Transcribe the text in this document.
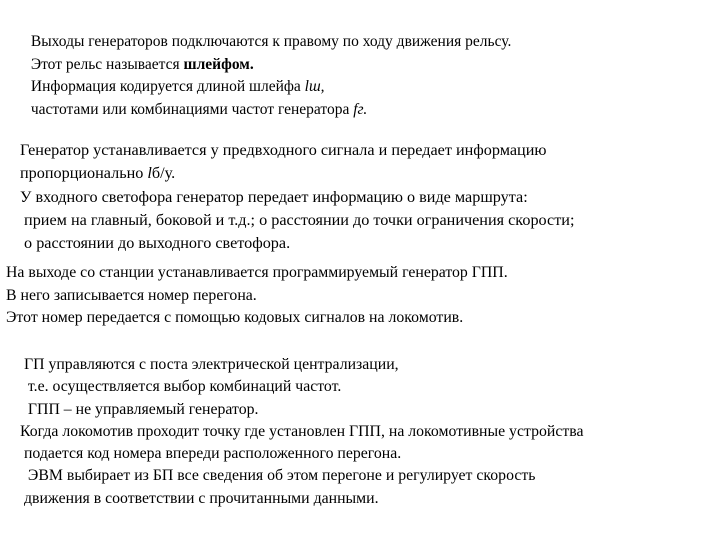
Выходы генераторов подключаются к правому по ходу движения рельсу.
Этот рельс называется шлейфом.
Информация кодируется длиной шлейфа lш,
частотами или комбинациями частот генератора fг.
Генератор устанавливается у предвходного сигнала и передает информацию
пропорционально lб/у.
У входного светофора генератор передает информацию о виде маршрута:
прием на главный, боковой и т.д.; о расстоянии до точки ограничения скорости;
о расстоянии до выходного светофора.
На выходе со станции устанавливается программируемый генератор ГПП.
В него записывается номер перегона.
Этот номер передается с помощью кодовых сигналов на локомотив.
ГП управляются с поста электрической централизации,
т.е. осуществляется выбор комбинаций частот.
ГПП – не управляемый генератор.
Когда локомотив проходит точку где установлен ГПП, на локомотивные устройства
подается код номера впереди расположенного перегона.
ЭВМ выбирает из БП все сведения об этом перегоне и регулирует скорость
движения в соответствии с прочитанными данными.
